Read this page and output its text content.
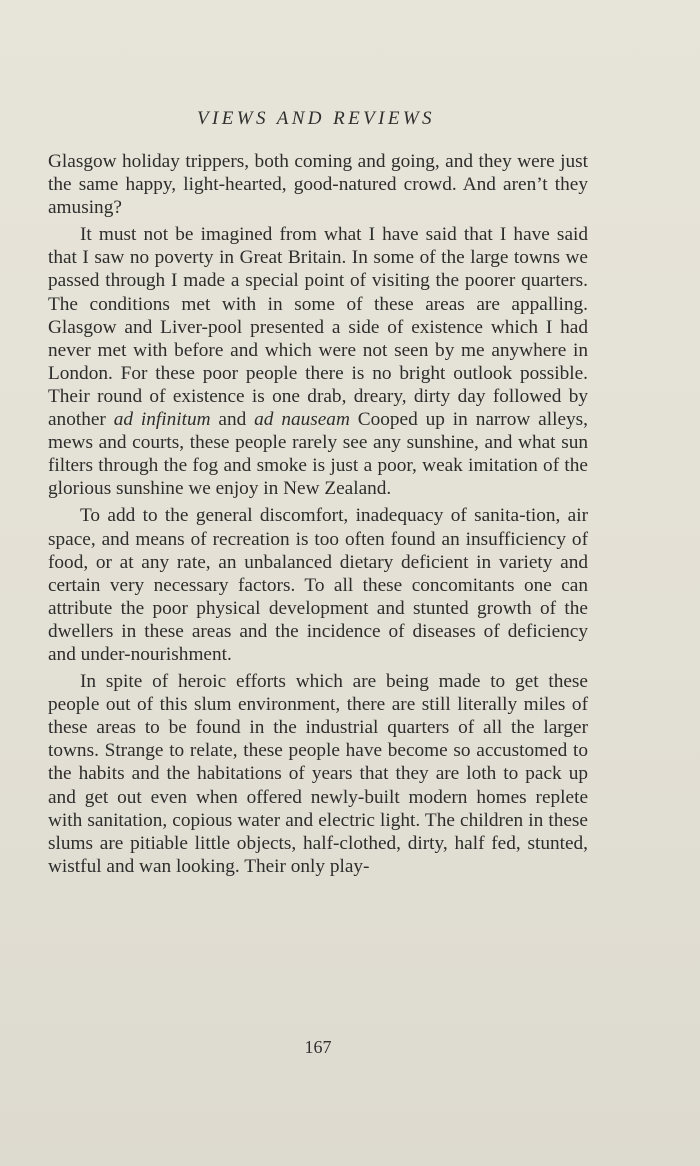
VIEWS AND REVIEWS

Glasgow holiday trippers, both coming and going, and they were just the same happy, light-hearted, good-natured crowd. And aren’t they amusing?

It must not be imagined from what I have said that I have said that I saw no poverty in Great Britain. In some of the large towns we passed through I made a special point of visiting the poorer quarters. The conditions met with in some of these areas are appalling. Glasgow and Liver-pool presented a side of existence which I had never met with before and which were not seen by me anywhere in London. For these poor people there is no bright outlook possible. Their round of existence is one drab, dreary, dirty day followed by another ad infinitum and ad nauseam Cooped up in narrow alleys, mews and courts, these people rarely see any sunshine, and what sun filters through the fog and smoke is just a poor, weak imitation of the glorious sunshine we enjoy in New Zealand.

To add to the general discomfort, inadequacy of sanita-tion, air space, and means of recreation is too often found an insufficiency of food, or at any rate, an unbalanced dietary deficient in variety and certain very necessary factors. To all these concomitants one can attribute the poor physical development and stunted growth of the dwellers in these areas and the incidence of diseases of deficiency and under-nourishment.

In spite of heroic efforts which are being made to get these people out of this slum environment, there are still literally miles of these areas to be found in the industrial quarters of all the larger towns. Strange to relate, these people have become so accustomed to the habits and the habitations of years that they are loth to pack up and get out even when offered newly-built modern homes replete with sanitation, copious water and electric light. The children in these slums are pitiable little objects, half-clothed, dirty, half fed, stunted, wistful and wan looking. Their only play-

167
